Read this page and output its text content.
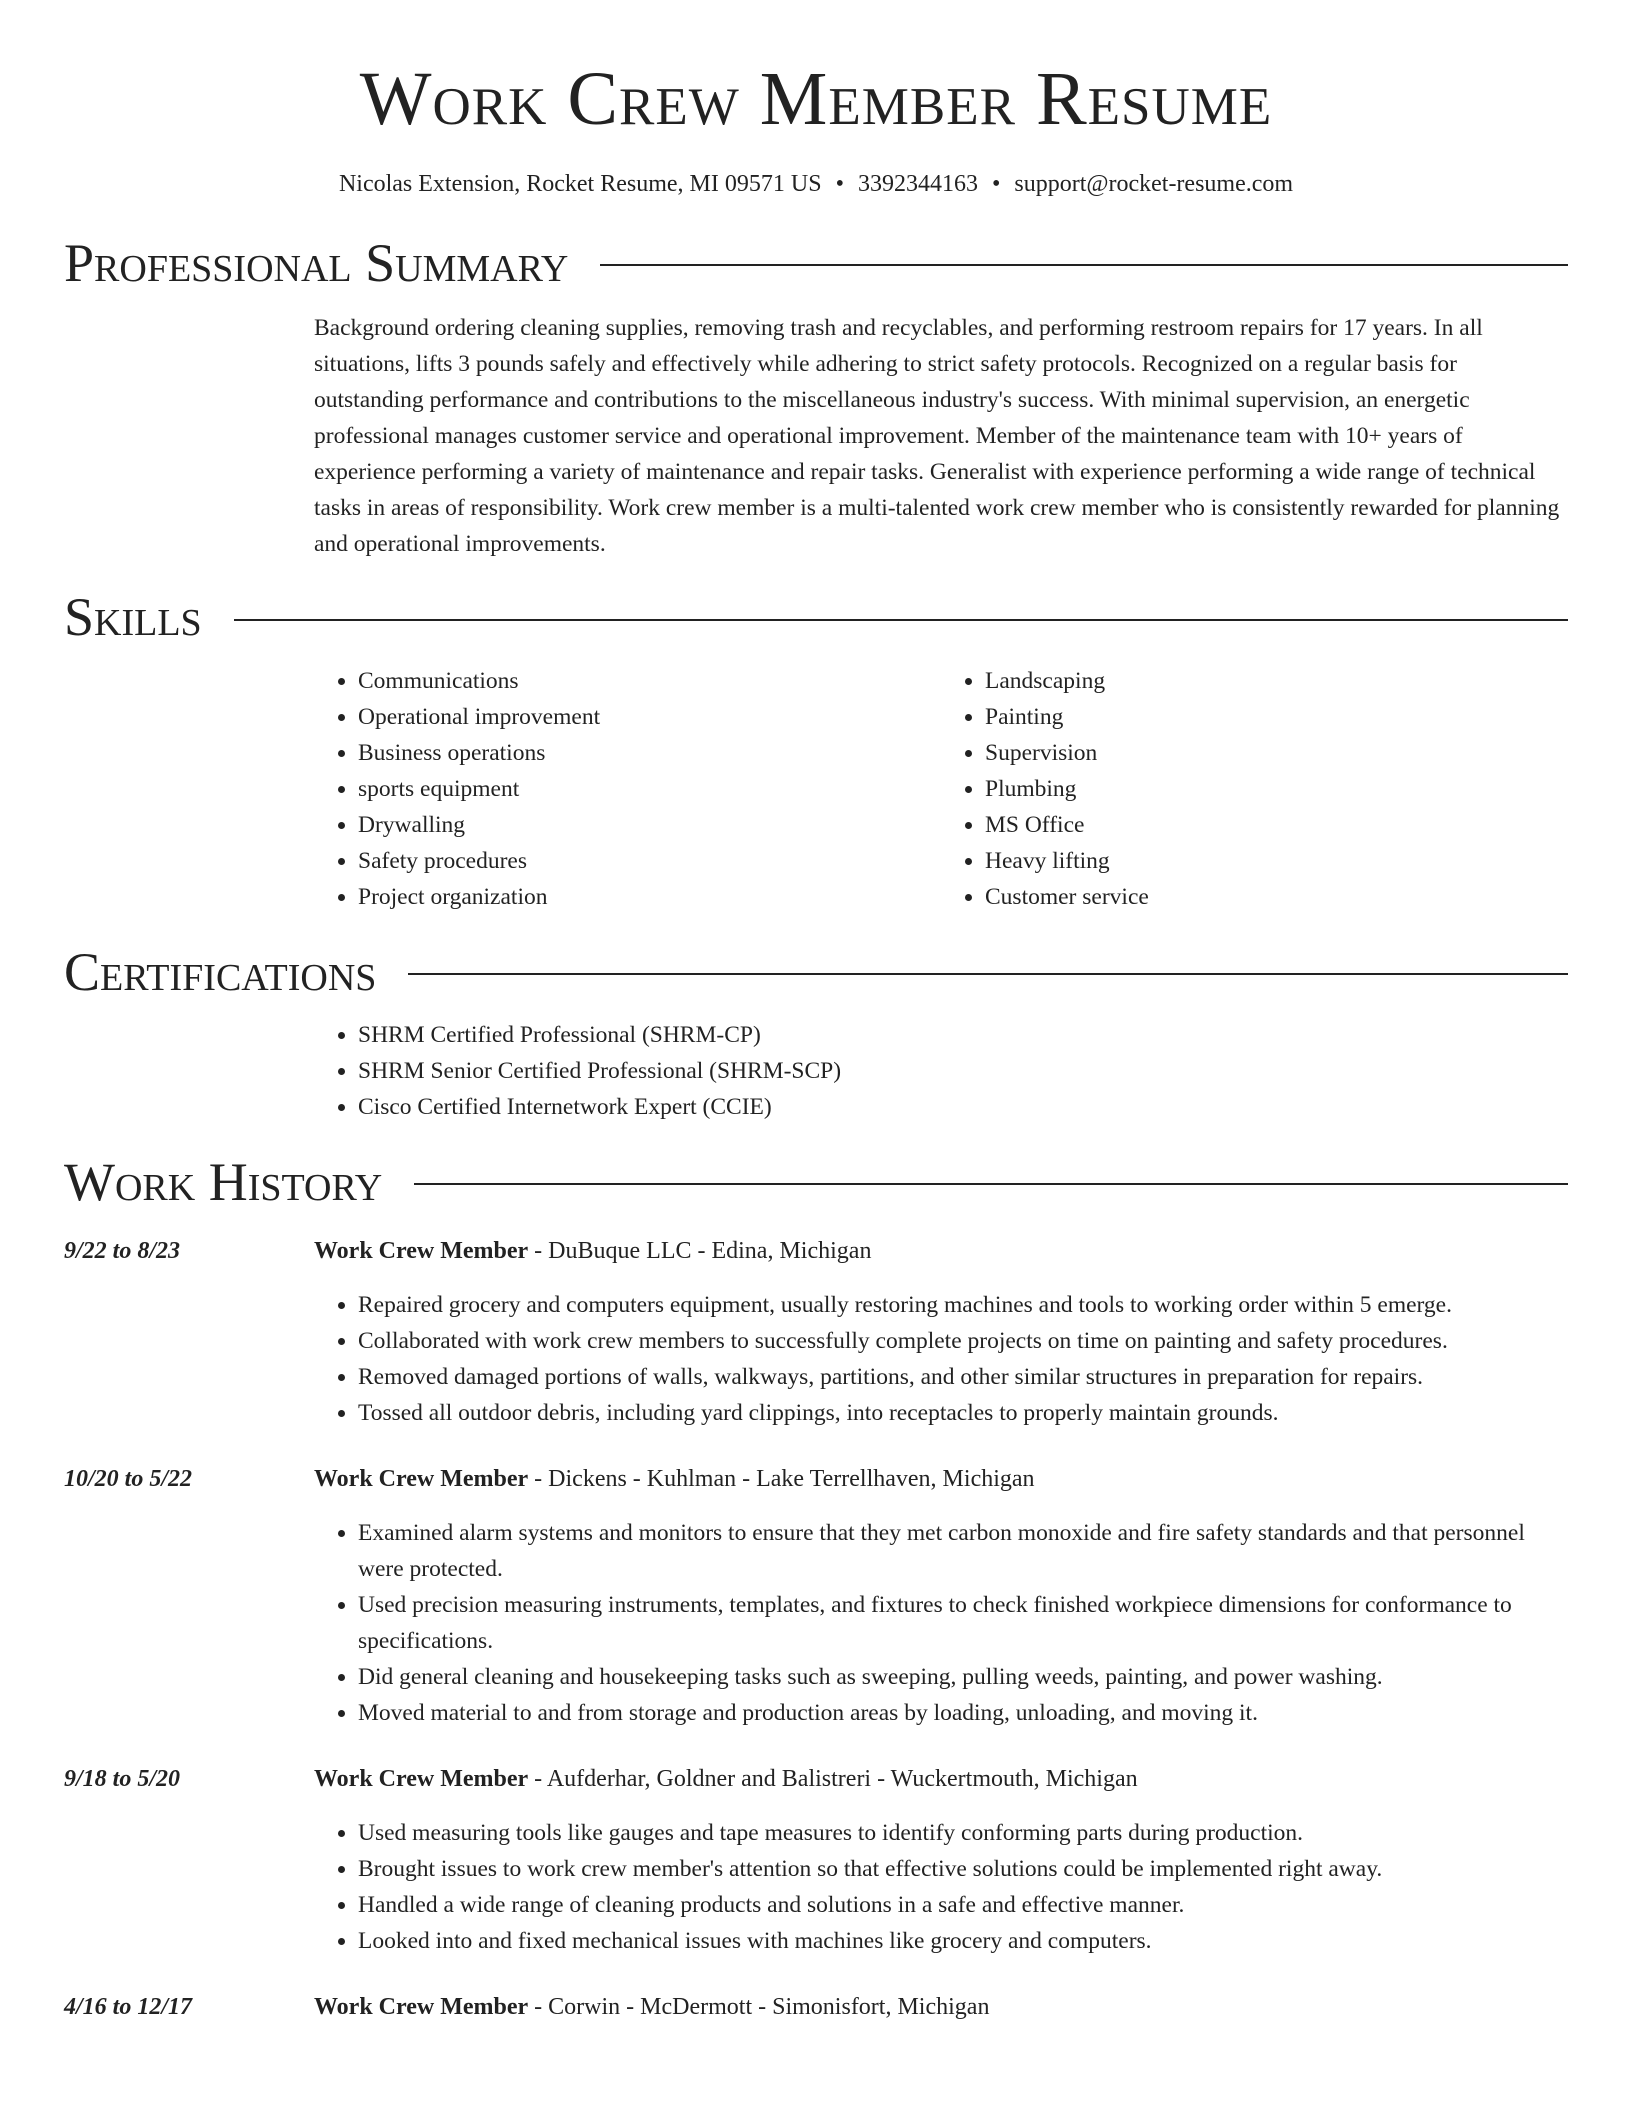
Work Crew Member Resume
Nicolas Extension, Rocket Resume, MI 09571 US • 3392344163 • support@rocket-resume.com
Professional Summary
Background ordering cleaning supplies, removing trash and recyclables, and performing restroom repairs for 17 years. In all situations, lifts 3 pounds safely and effectively while adhering to strict safety protocols. Recognized on a regular basis for outstanding performance and contributions to the miscellaneous industry's success. With minimal supervision, an energetic professional manages customer service and operational improvement. Member of the maintenance team with 10+ years of experience performing a variety of maintenance and repair tasks. Generalist with experience performing a wide range of technical tasks in areas of responsibility. Work crew member is a multi-talented work crew member who is consistently rewarded for planning and operational improvements.
Skills
• Communications
• Operational improvement
• Business operations
• sports equipment
• Drywalling
• Safety procedures
• Project organization
• Landscaping
• Painting
• Supervision
• Plumbing
• MS Office
• Heavy lifting
• Customer service
Certifications
• SHRM Certified Professional (SHRM-CP)
• SHRM Senior Certified Professional (SHRM-SCP)
• Cisco Certified Internetwork Expert (CCIE)
Work History
9/22 to 8/23	Work Crew Member - DuBuque LLC - Edina, Michigan
• Repaired grocery and computers equipment, usually restoring machines and tools to working order within 5 emerge.
• Collaborated with work crew members to successfully complete projects on time on painting and safety procedures.
• Removed damaged portions of walls, walkways, partitions, and other similar structures in preparation for repairs.
• Tossed all outdoor debris, including yard clippings, into receptacles to properly maintain grounds.
10/20 to 5/22	Work Crew Member - Dickens - Kuhlman - Lake Terrellhaven, Michigan
• Examined alarm systems and monitors to ensure that they met carbon monoxide and fire safety standards and that personnel were protected.
• Used precision measuring instruments, templates, and fixtures to check finished workpiece dimensions for conformance to specifications.
• Did general cleaning and housekeeping tasks such as sweeping, pulling weeds, painting, and power washing.
• Moved material to and from storage and production areas by loading, unloading, and moving it.
9/18 to 5/20	Work Crew Member - Aufderhar, Goldner and Balistreri - Wuckertmouth, Michigan
• Used measuring tools like gauges and tape measures to identify conforming parts during production.
• Brought issues to work crew member's attention so that effective solutions could be implemented right away.
• Handled a wide range of cleaning products and solutions in a safe and effective manner.
• Looked into and fixed mechanical issues with machines like grocery and computers.
4/16 to 12/17	Work Crew Member - Corwin - McDermott - Simonisfort, Michigan
